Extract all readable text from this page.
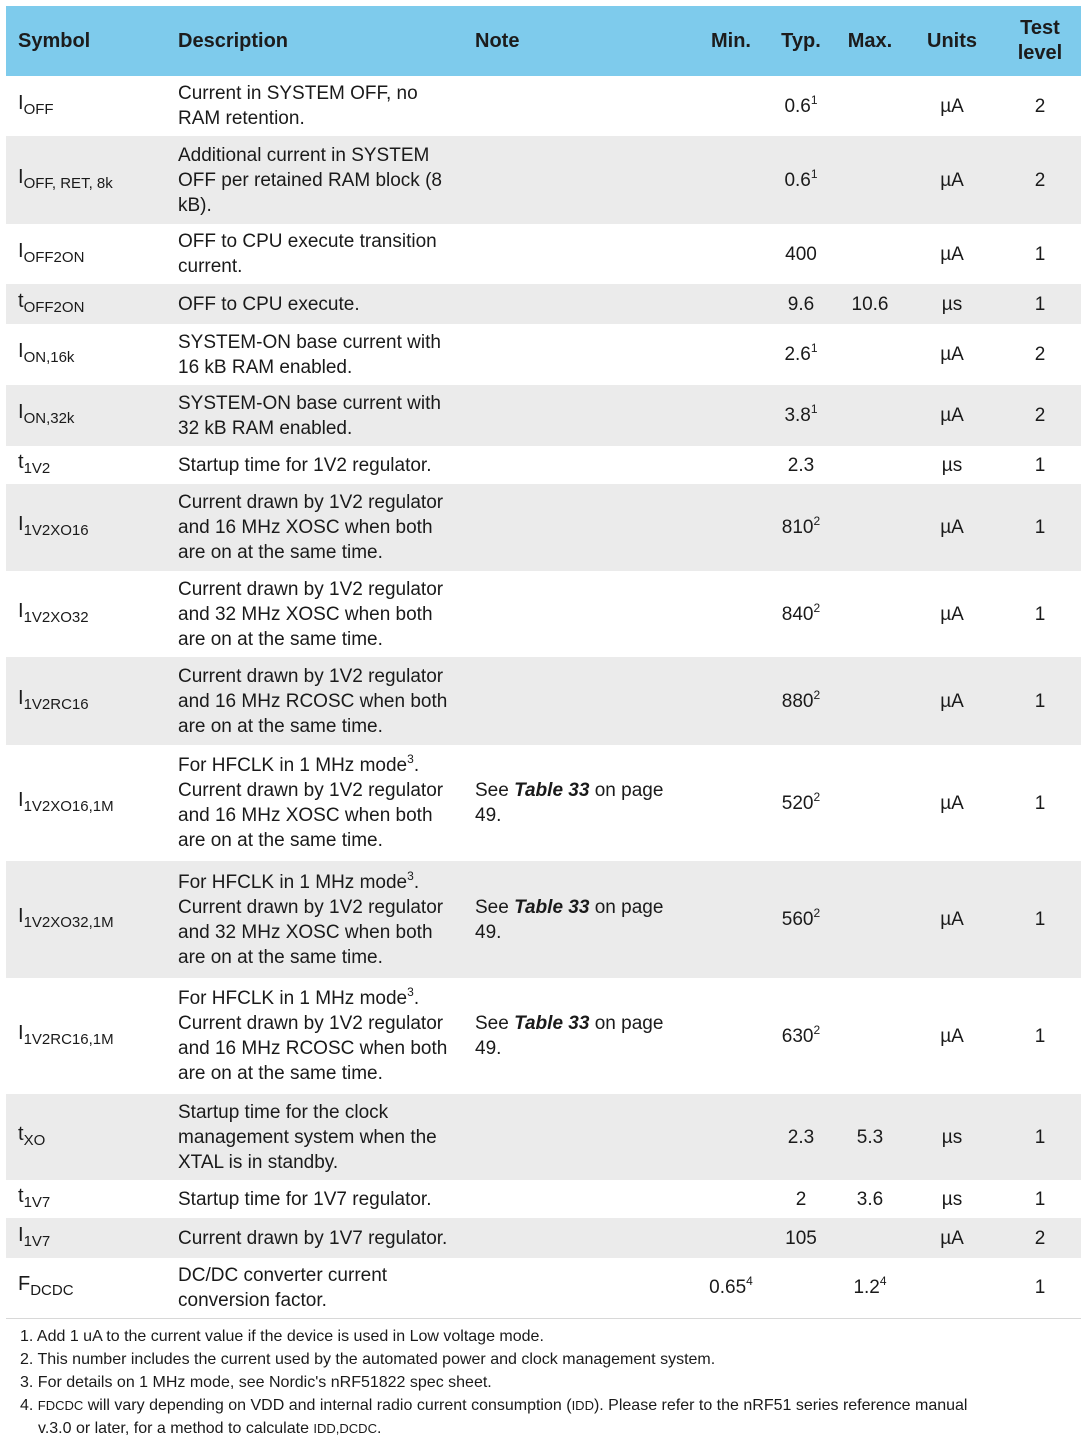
Symbol	Description	Note	Min.	Typ.	Max.	Units	Test
level
$I_{OFF}$	Current in SYSTEM OFF, no RAM retention.			$0.6^1$		µA	2
$I_{OFF, RET, 8k}$	Additional current in SYSTEM OFF per retained RAM block (8 kB).			$0.6^1$		µA	2
$I_{OFF2ON}$	OFF to CPU execute transition current.			400		µA	1
$t_{OFF2ON}$	OFF to CPU execute.			9.6	10.6	µs	1
$I_{ON,16k}$	SYSTEM-ON base current with 16 kB RAM enabled.			$2.6^1$		µA	2
$I_{ON,32k}$	SYSTEM-ON base current with 32 kB RAM enabled.			$3.8^1$		µA	2
$t_{1V2}$	Startup time for 1V2 regulator.			2.3		µs	1
$I_{1V2XO16}$	Current drawn by 1V2 regulator and 16 MHz XOSC when both are on at the same time.			$810^2$		µA	1
$I_{1V2XO32}$	Current drawn by 1V2 regulator and 32 MHz XOSC when both are on at the same time.			$840^2$		µA	1
$I_{1V2RC16}$	Current drawn by 1V2 regulator and 16 MHz RCOSC when both are on at the same time.			$880^2$		µA	1
$I_{1V2XO16,1M}$	For HFCLK in 1 MHz mode$^3$. Current drawn by 1V2 regulator and 16 MHz XOSC when both are on at the same time.	See Table 33 on page 49.		$520^2$		µA	1
$I_{1V2XO32,1M}$	For HFCLK in 1 MHz mode$^3$. Current drawn by 1V2 regulator and 32 MHz XOSC when both are on at the same time.	See Table 33 on page 49.		$560^2$		µA	1
$I_{1V2RC16,1M}$	For HFCLK in 1 MHz mode$^3$. Current drawn by 1V2 regulator and 16 MHz RCOSC when both are on at the same time.	See Table 33 on page 49.		$630^2$		µA	1
$t_{XO}$	Startup time for the clock management system when the XTAL is in standby.			2.3	5.3	µs	1
$t_{1V7}$	Startup time for 1V7 regulator.			2	3.6	µs	1
$I_{1V7}$	Current drawn by 1V7 regulator.			105		µA	2
$F_{DCDC}$	DC/DC converter current conversion factor.		0.65$^4$		$1.2^4$		1
1. Add 1 uA to the current value if the device is used in Low voltage mode.
2. This number includes the current used by the automated power and clock management system.
3. For details on 1 MHz mode, see Nordic's nRF51822 spec sheet.
4. FDCDC will vary depending on VDD and internal radio current consumption (IDD). Please refer to the nRF51 series reference manual
v.3.0 or later, for a method to calculate IDD,DCDC.
